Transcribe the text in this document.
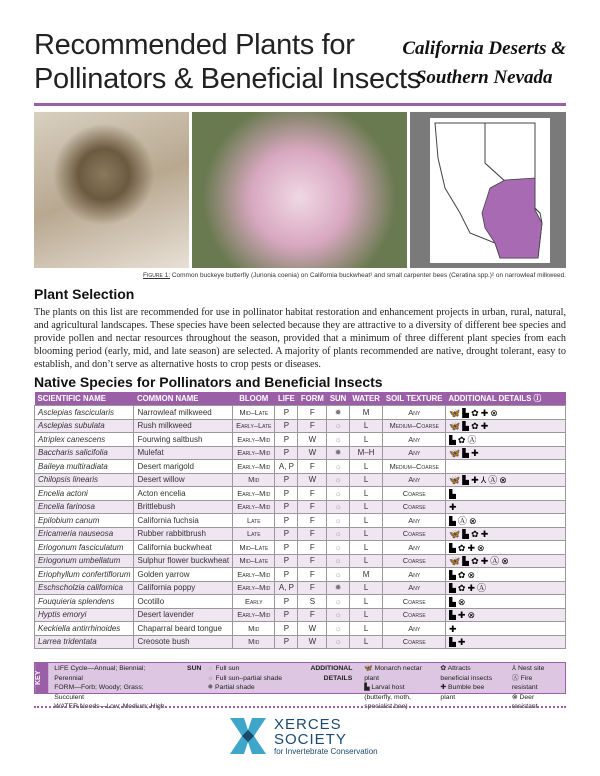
Recommended Plants for
Pollinators & Beneficial Insects
California Deserts &
Southern Nevada
Figure 1: Common buckeye butterfly (Junonia coenia) on California buckwheat¹ and small carpenter bees (Ceratina spp.)² on narrowleaf milkweed.
Plant Selection
The plants on this list are recommended for use in pollinator habitat restoration and enhancement projects in urban, rural, natural, and agricultural landscapes. These species have been selected because they are attractive to a diversity of different bee species and provide pollen and nectar resources throughout the season, provided that a minimum of three different plant species from each blooming period (early, mid, and late season) are selected. A majority of plants recommended are native, drought tolerant, easy to establish, and don’t serve as alternative hosts to crop pests or diseases.
Native Species for Pollinators and Beneficial Insects
SCIENTIFIC NAME	COMMON NAME	BLOOM	LIFE	FORM	SUN	WATER	SOIL TEXTURE	ADDITIONAL DETAILS Ⓘ
Asclepias fascicularis	Narrowleaf milkweed	Mid–Late	P	F	✹	M	Any	🦋 ▙ ✿ ✚ ⊗
Asclepias subulata	Rush milkweed	Early–Late	P	F	☼	L	Medium–Coarse	🦋 ▙ ✿ ✚
Atriplex canescens	Fourwing saltbush	Early–Mid	P	W	☼	L	Any	▙ ✿ Ⓐ
Baccharis salicifolia	Mulefat	Early–Mid	P	W	✹	M–H	Any	🦋 ▙ ✚
Baileya multiradiata	Desert marigold	Early–Mid	A, P	F	☼	L	Medium–Coarse	
Chilopsis linearis	Desert willow	Mid	P	W	☼	L	Any	🦋 ▙ ✚ ⅄ Ⓐ ⊗
Encelia actoni	Acton encelia	Early–Mid	P	F	☼	L	Coarse	▙
Encelia farinosa	Brittlebush	Early–Mid	P	F	☼	L	Coarse	✚
Epilobium canum	California fuchsia	Late	P	F	☼	L	Any	▙ Ⓐ ⊗
Ericameria nauseosa	Rubber rabbitbrush	Late	P	F	☼	L	Coarse	🦋 ▙ ✿ ✚
Eriogonum fasciculatum	California buckwheat	Mid–Late	P	F	☼	L	Any	▙ ✿ ✚ ⊗
Eriogonum umbellatum	Sulphur flower buckwheat	Mid–Late	P	F	☼	L	Coarse	🦋 ▙ ✿ ✚ Ⓐ ⊗
Eriophyllum confertiflorum	Golden yarrow	Early–Mid	P	F	☼	M	Any	▙ ✿ ⊗
Eschscholzia californica	California poppy	Early–Mid	A, P	F	✹	L	Any	▙ ✿ ✚ Ⓐ
Fouquieria splendens	Ocotillo	Early	P	S	☼	L	Coarse	▙ ⊗
Hyptis emoryi	Desert lavender	Early–Mid	P	F	☼	L	Coarse	▙ ✚ ⊗
Keckiella antirrhinoides	Chaparral beard tongue	Mid	P	W	☼	L	Any	✚
Larrea tridentata	Creosote bush	Mid	P	W	☼	L	Coarse	▙ ✚
KEY
LIFE Cycle—Annual; Biennial; Perennial
FORM—Forb; Woody; Grass; Succulent
WATER Needs—Low; Medium; High
SUN ☼ Full sun
☼ Full sun–partial shade
✹ Partial shade
ADDITIONAL DETAILS
🦋 Monarch nectar plant
▙ Larval host (butterfly, moth, specialist bee)
✿ Attracts beneficial insects
✚ Bumble bee plant
⅄ Nest site
Ⓐ Fire resistant
⊗ Deer resistant
XERCES
SOCIETY
for Invertebrate Conservation
